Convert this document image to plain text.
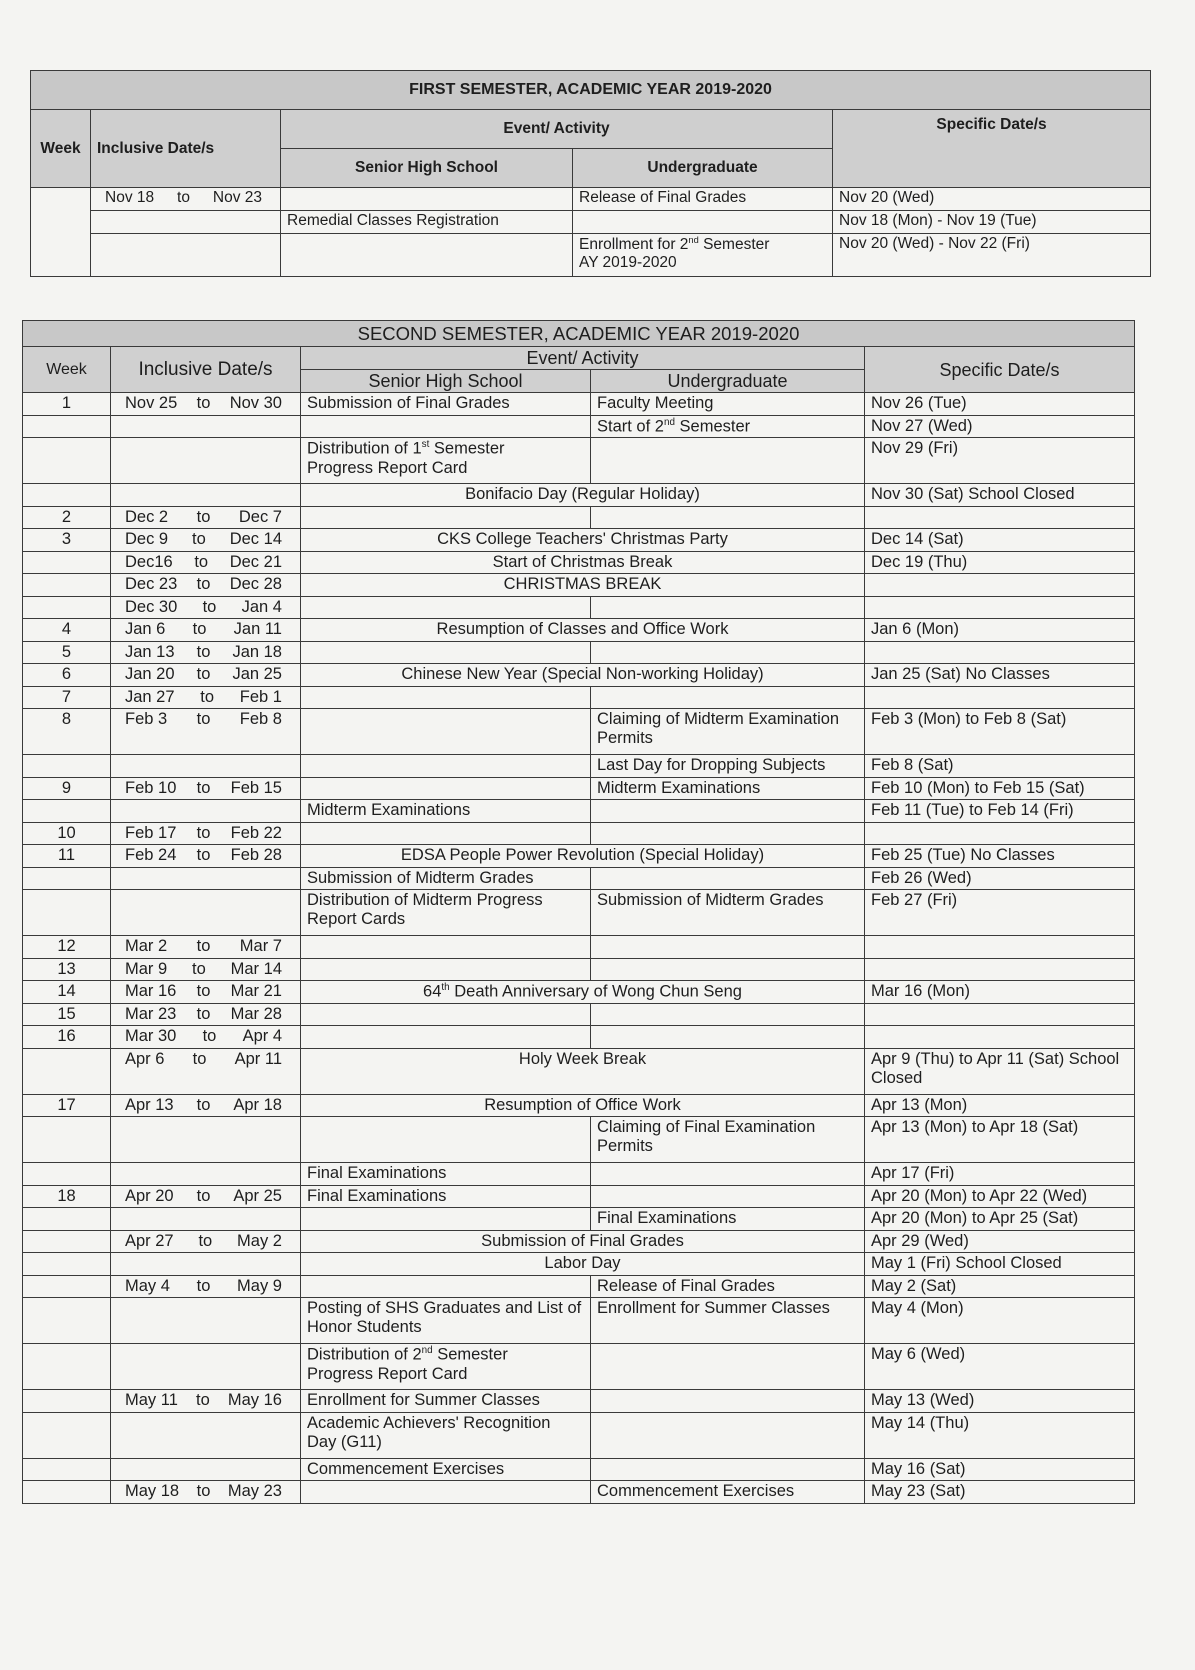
FIRST SEMESTER, ACADEMIC YEAR 2019-2020				
Week	Inclusive Date/s	Event/ Activity		Specific Date/s
		Senior High School	Undergraduate	

	Nov 18 to Nov 23		Release of Final Grades	Nov 20 (Wed)
		Remedial Classes Registration		Nov 18 (Mon) - Nov 19 (Tue)
			Enrollment for 2nd Semester
AY 2019-2020	Nov 20 (Wed) - Nov 22 (Fri)
SECOND SEMESTER, ACADEMIC YEAR 2019-2020				
Week	Inclusive Date/s	Event/ Activity		Specific Date/s
		Senior High School	Undergraduate	
1	Nov 25 to Nov 30	Submission of Final Grades	Faculty Meeting	Nov 26 (Tue)
			Start of 2nd Semester	Nov 27 (Wed)
		Distribution of 1st Semester
Progress Report Card		Nov 29 (Fri)
		Bonifacio Day (Regular Holiday)		Nov 30 (Sat) School Closed
2	Dec 2 to Dec 7			

3	Dec 9 to Dec 14	CKS College Teachers' Christmas Party		Dec 14 (Sat)

	Dec16 to Dec 21	Start of Christmas Break		Dec 19 (Thu)

	Dec 23 to Dec 28	CHRISTMAS BREAK		

	Dec 30 to Jan 4			

4	Jan 6 to Jan 11	Resumption of Classes and Office Work		Jan 6 (Mon)
5	Jan 13 to Jan 18			

6	Jan 20 to Jan 25	Chinese New Year (Special Non-working Holiday)		Jan 25 (Sat) No Classes
7	Jan 27 to Feb 1			

8	Feb 3 to Feb 8		Claiming of Midterm Examination Permits	Feb 3 (Mon) to Feb 8 (Sat)
			Last Day for Dropping Subjects	Feb 8 (Sat)
9	Feb 10 to Feb 15		Midterm Examinations	Feb 10 (Mon) to Feb 15 (Sat)
		Midterm Examinations		Feb 11 (Tue) to Feb 14 (Fri)
10	Feb 17 to Feb 22			

11	Feb 24 to Feb 28	EDSA People Power Revolution (Special Holiday)		Feb 25 (Tue) No Classes
		Submission of Midterm Grades		Feb 26 (Wed)
		Distribution of Midterm Progress Report Cards	Submission of Midterm Grades	Feb 27 (Fri)
12	Mar 2 to Mar 7			

13	Mar 9 to Mar 14			

14	Mar 16 to Mar 21	64th Death Anniversary of Wong Chun Seng		Mar 16 (Mon)
15	Mar 23 to Mar 28			

16	Mar 30 to Apr 4			

	Apr 6 to Apr 11	Holy Week Break		Apr 9 (Thu) to Apr 11 (Sat) School Closed
17	Apr 13 to Apr 18	Resumption of Office Work		Apr 13 (Mon)
			Claiming of Final Examination Permits	Apr 13 (Mon) to Apr 18 (Sat)
		Final Examinations		Apr 17 (Fri)
18	Apr 20 to Apr 25	Final Examinations		Apr 20 (Mon) to Apr 22 (Wed)
			Final Examinations	Apr 20 (Mon) to Apr 25 (Sat)

	Apr 27 to May 2	Submission of Final Grades		Apr 29 (Wed)
		Labor Day		May 1 (Fri) School Closed

	May 4 to May 9		Release of Final Grades	May 2 (Sat)
		Posting of SHS Graduates and List of Honor Students	Enrollment for Summer Classes	May 4 (Mon)
		Distribution of 2nd Semester
Progress Report Card		May 6 (Wed)

	May 11 to May 16	Enrollment for Summer Classes		May 13 (Wed)
		Academic Achievers' Recognition Day (G11)		May 14 (Thu)
		Commencement Exercises		May 16 (Sat)

	May 18 to May 23		Commencement Exercises	May 23 (Sat)
